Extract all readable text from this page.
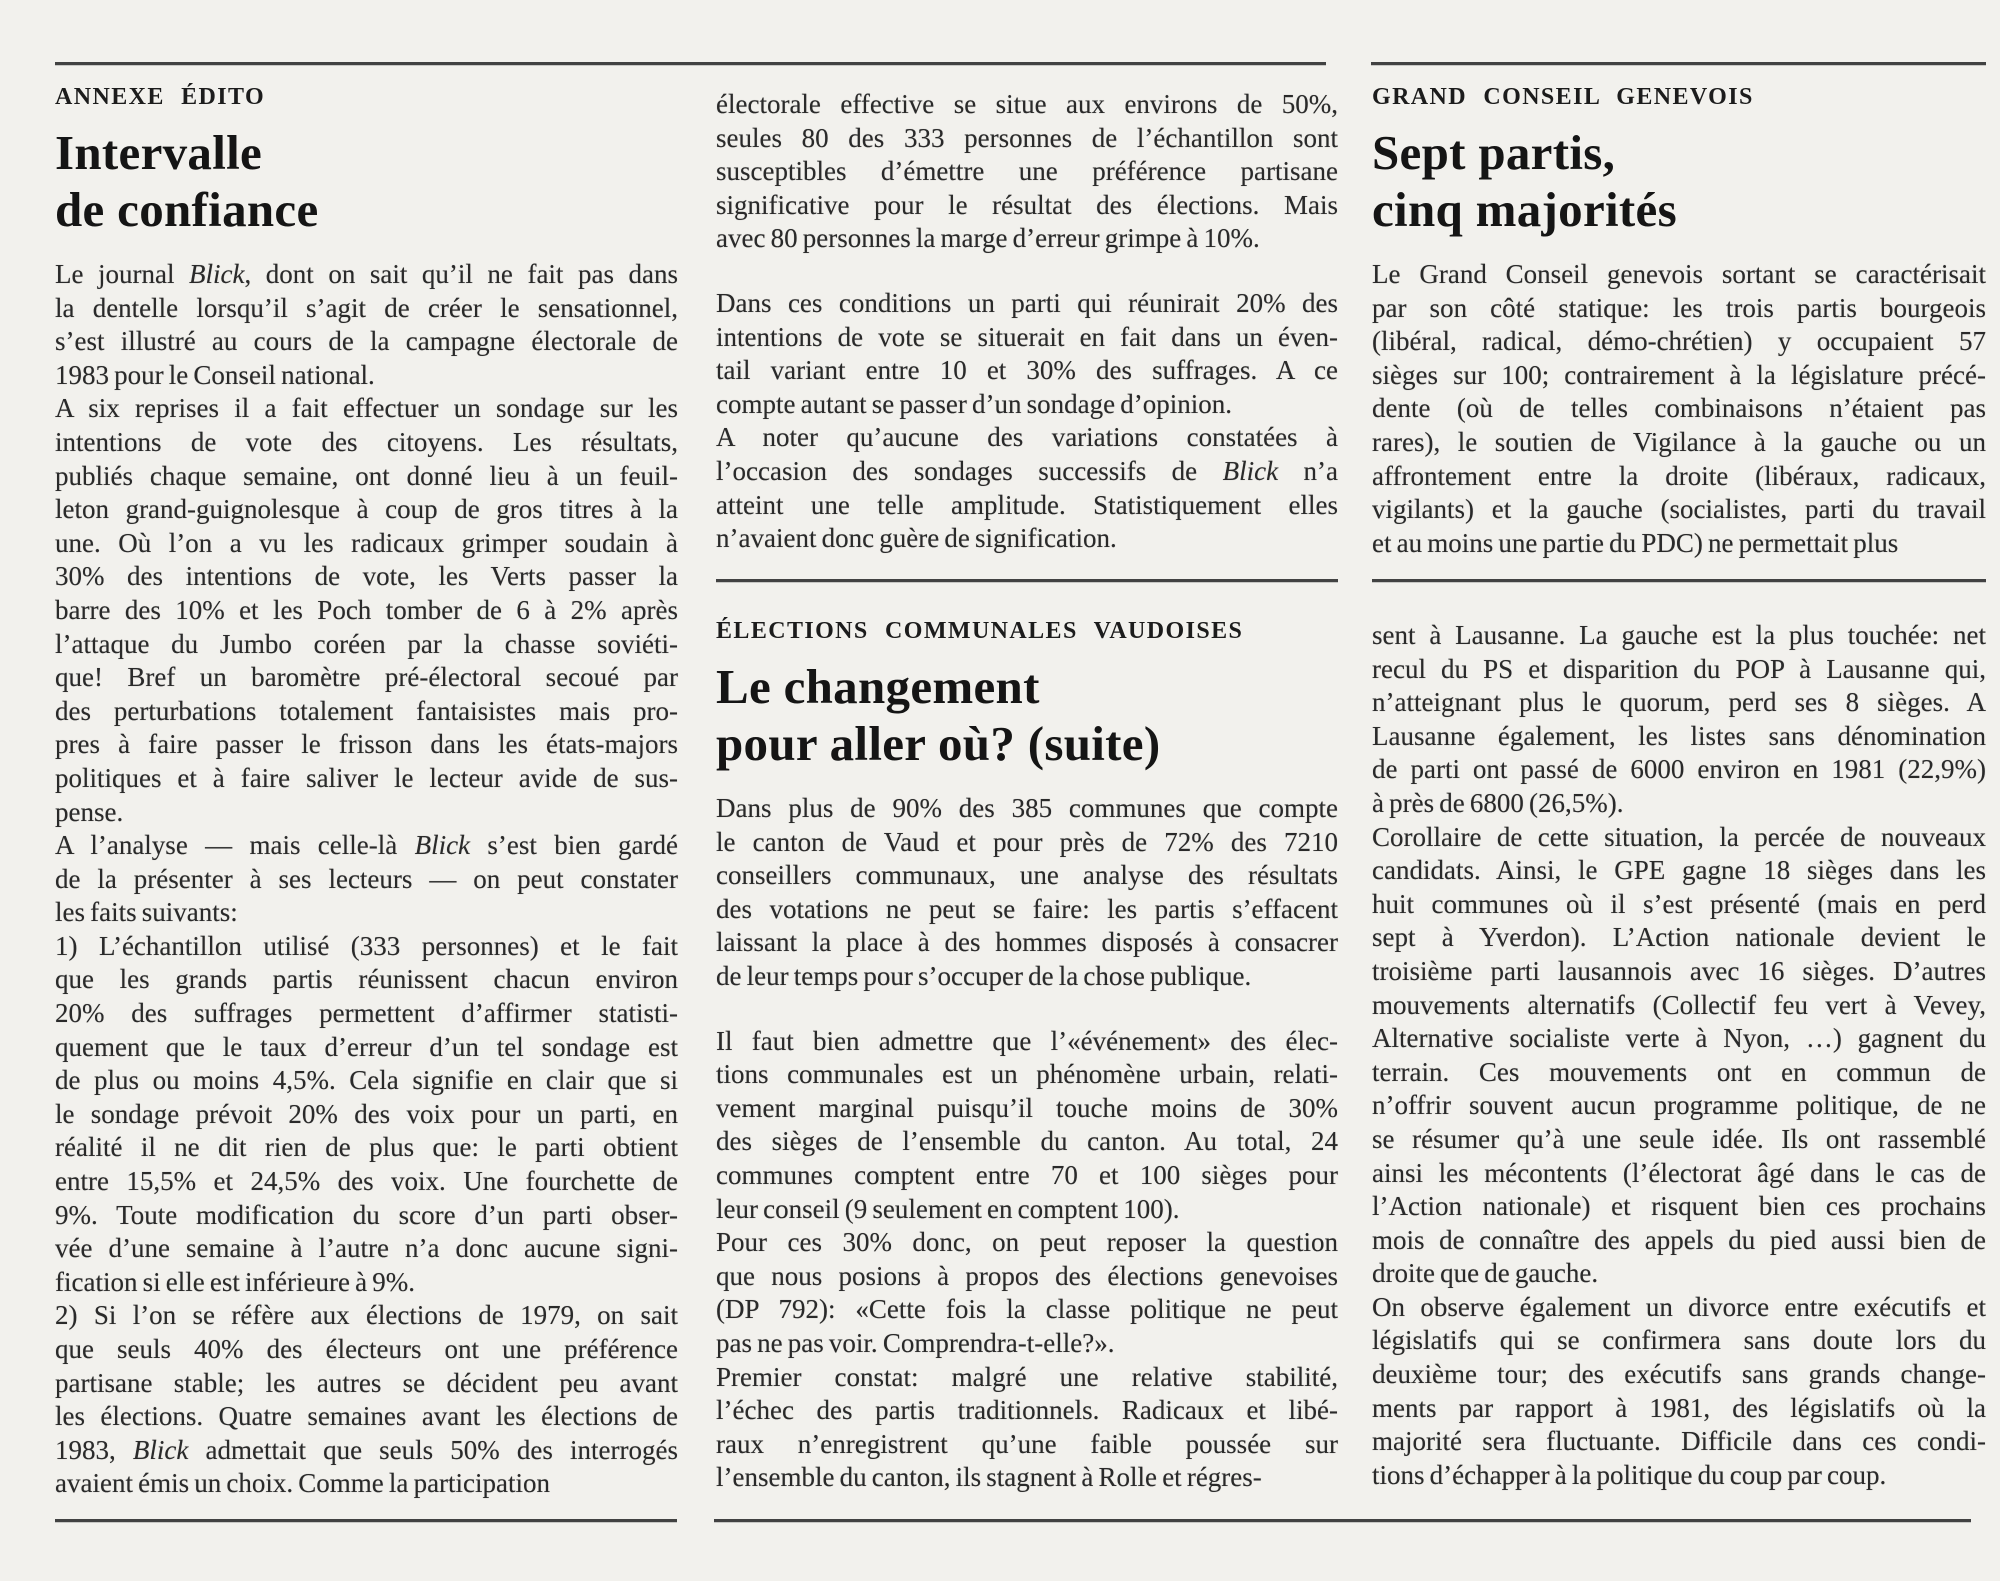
ANNEXE ÉDITO
Intervalle
de confiance
Le journal Blick, dont on sait qu’il ne fait pas dans
la dentelle lorsqu’il s’agit de créer le sensationnel,
s’est illustré au cours de la campagne électorale de
1983 pour le Conseil national.
A six reprises il a fait effectuer un sondage sur les
intentions de vote des citoyens. Les résultats,
publiés chaque semaine, ont donné lieu à un feuil-
leton grand-guignolesque à coup de gros titres à la
une. Où l’on a vu les radicaux grimper soudain à
30% des intentions de vote, les Verts passer la
barre des 10% et les Poch tomber de 6 à 2% après
l’attaque du Jumbo coréen par la chasse soviéti-
que! Bref un baromètre pré-électoral secoué par
des perturbations totalement fantaisistes mais pro-
pres à faire passer le frisson dans les états-majors
politiques et à faire saliver le lecteur avide de sus-
pense.
A l’analyse — mais celle-là Blick s’est bien gardé
de la présenter à ses lecteurs — on peut constater
les faits suivants:
1) L’échantillon utilisé (333 personnes) et le fait
que les grands partis réunissent chacun environ
20% des suffrages permettent d’affirmer statisti-
quement que le taux d’erreur d’un tel sondage est
de plus ou moins 4,5%. Cela signifie en clair que si
le sondage prévoit 20% des voix pour un parti, en
réalité il ne dit rien de plus que: le parti obtient
entre 15,5% et 24,5% des voix. Une fourchette de
9%. Toute modification du score d’un parti obser-
vée d’une semaine à l’autre n’a donc aucune signi-
fication si elle est inférieure à 9%.
2) Si l’on se réfère aux élections de 1979, on sait
que seuls 40% des électeurs ont une préférence
partisane stable; les autres se décident peu avant
les élections. Quatre semaines avant les élections de
1983, Blick admettait que seuls 50% des interrogés
avaient émis un choix. Comme la participation
électorale effective se situe aux environs de 50%,
seules 80 des 333 personnes de l’échantillon sont
susceptibles d’émettre une préférence partisane
significative pour le résultat des élections. Mais
avec 80 personnes la marge d’erreur grimpe à 10%.
Dans ces conditions un parti qui réunirait 20% des
intentions de vote se situerait en fait dans un éven-
tail variant entre 10 et 30% des suffrages. A ce
compte autant se passer d’un sondage d’opinion.
A noter qu’aucune des variations constatées à
l’occasion des sondages successifs de Blick n’a
atteint une telle amplitude. Statistiquement elles
n’avaient donc guère de signification.
ÉLECTIONS COMMUNALES VAUDOISES
Le changement
pour aller où? (suite)
Dans plus de 90% des 385 communes que compte
le canton de Vaud et pour près de 72% des 7210
conseillers communaux, une analyse des résultats
des votations ne peut se faire: les partis s’effacent
laissant la place à des hommes disposés à consacrer
de leur temps pour s’occuper de la chose publique.
Il faut bien admettre que l’«événement» des élec-
tions communales est un phénomène urbain, relati-
vement marginal puisqu’il touche moins de 30%
des sièges de l’ensemble du canton. Au total, 24
communes comptent entre 70 et 100 sièges pour
leur conseil (9 seulement en comptent 100).
Pour ces 30% donc, on peut reposer la question
que nous posions à propos des élections genevoises
(DP 792): «Cette fois la classe politique ne peut
pas ne pas voir. Comprendra-t-elle?».
Premier constat: malgré une relative stabilité,
l’échec des partis traditionnels. Radicaux et libé-
raux n’enregistrent qu’une faible poussée sur
l’ensemble du canton, ils stagnent à Rolle et régres-
GRAND CONSEIL GENEVOIS
Sept partis,
cinq majorités
Le Grand Conseil genevois sortant se caractérisait
par son côté statique: les trois partis bourgeois
(libéral, radical, démo-chrétien) y occupaient 57
sièges sur 100; contrairement à la législature précé-
dente (où de telles combinaisons n’étaient pas
rares), le soutien de Vigilance à la gauche ou un
affrontement entre la droite (libéraux, radicaux,
vigilants) et la gauche (socialistes, parti du travail
et au moins une partie du PDC) ne permettait plus
sent à Lausanne. La gauche est la plus touchée: net
recul du PS et disparition du POP à Lausanne qui,
n’atteignant plus le quorum, perd ses 8 sièges. A
Lausanne également, les listes sans dénomination
de parti ont passé de 6000 environ en 1981 (22,9%)
à près de 6800 (26,5%).
Corollaire de cette situation, la percée de nouveaux
candidats. Ainsi, le GPE gagne 18 sièges dans les
huit communes où il s’est présenté (mais en perd
sept à Yverdon). L’Action nationale devient le
troisième parti lausannois avec 16 sièges. D’autres
mouvements alternatifs (Collectif feu vert à Vevey,
Alternative socialiste verte à Nyon, …) gagnent du
terrain. Ces mouvements ont en commun de
n’offrir souvent aucun programme politique, de ne
se résumer qu’à une seule idée. Ils ont rassemblé
ainsi les mécontents (l’électorat âgé dans le cas de
l’Action nationale) et risquent bien ces prochains
mois de connaître des appels du pied aussi bien de
droite que de gauche.
On observe également un divorce entre exécutifs et
législatifs qui se confirmera sans doute lors du
deuxième tour; des exécutifs sans grands change-
ments par rapport à 1981, des législatifs où la
majorité sera fluctuante. Difficile dans ces condi-
tions d’échapper à la politique du coup par coup.
